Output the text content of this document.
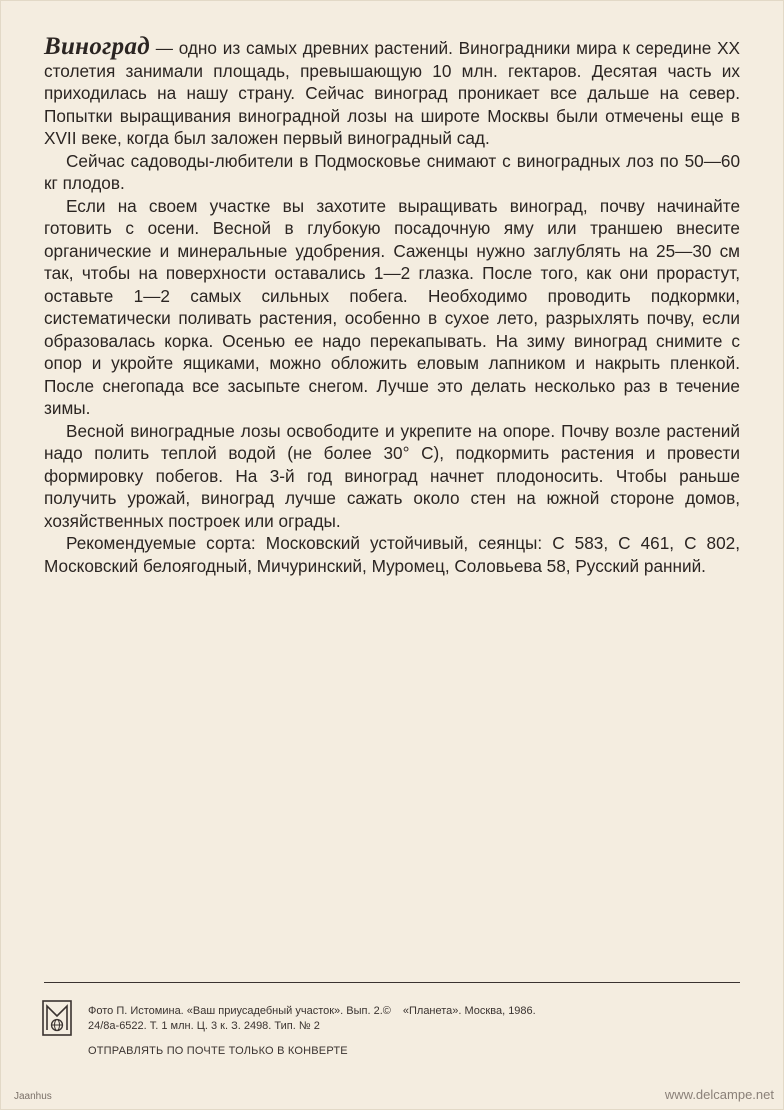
Виноград — одно из самых древних растений. Виноградники мира к середине XX столетия занимали площадь, превышающую 10 млн. гектаров. Десятая часть их приходилась на нашу страну. Сейчас виноград проникает все дальше на север. Попытки выращивания виноградной лозы на широте Москвы были отмечены еще в XVII веке, когда был заложен первый виноградный сад.

Сейчас садоводы-любители в Подмосковье снимают с виноградных лоз по 50—60 кг плодов.

Если на своем участке вы захотите выращивать виноград, почву начинайте готовить с осени. Весной в глубокую посадочную яму или траншею внесите органические и минеральные удобрения. Саженцы нужно заглублять на 25—30 см так, чтобы на поверхности оставались 1—2 глазка. После того, как они прорастут, оставьте 1—2 самых сильных побега. Необходимо проводить подкормки, систематически поливать растения, особенно в сухое лето, разрыхлять почву, если образовалась корка. Осенью ее надо перекапывать. На зиму виноград снимите с опор и укройте ящиками, можно обложить еловым лапником и накрыть пленкой. После снегопада все засыпьте снегом. Лучше это делать несколько раз в течение зимы.

Весной виноградные лозы освободите и укрепите на опоре. Почву возле растений надо полить теплой водой (не более 30° С), подкормить растения и провести формировку побегов. На 3-й год виноград начнет плодоносить. Чтобы раньше получить урожай, виноград лучше сажать около стен на южной стороне домов, хозяйственных построек или ограды.

Рекомендуемые сорта: Московский устойчивый, сеянцы: С 583, С 461, С 802, Московский белоягодный, Мичуринский, Муромец, Соловьева 58, Русский ранний.

Фото П. Истомина. «Ваш приусадебный участок». Вып. 2.© «Планета». Москва, 1986.
24/8а-6522. Т. 1 млн. Ц. 3 к. З. 2498. Тип. № 2
ОТПРАВЛЯТЬ ПО ПОЧТЕ ТОЛЬКО В КОНВЕРТЕ
Jaanhus	www.delcampe.net
